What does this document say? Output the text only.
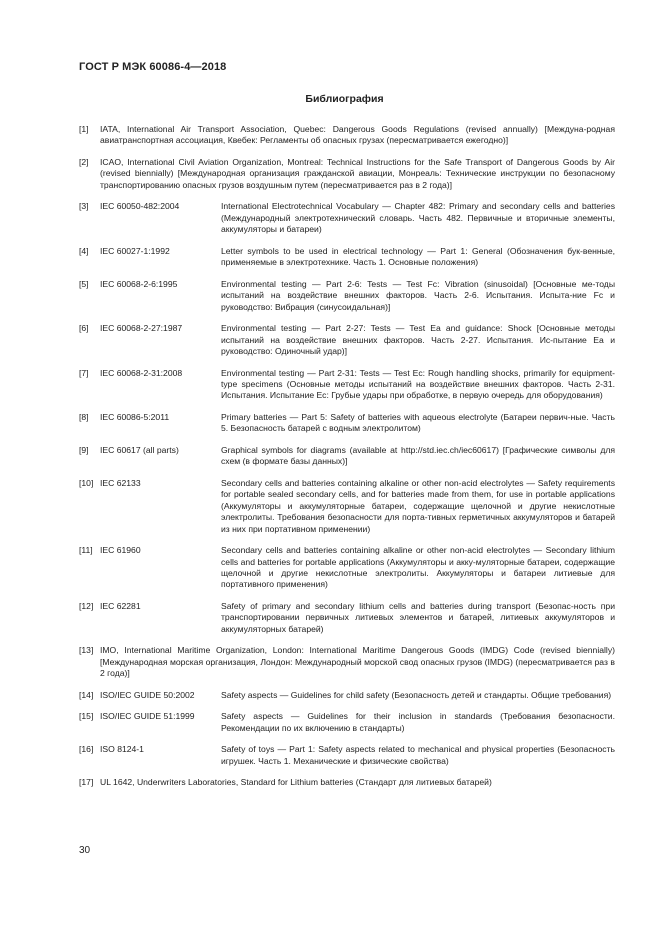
ГОСТ Р МЭК 60086-4—2018
Библиография
[1] IATA, International Air Transport Association, Quebec: Dangerous Goods Regulations (revised annually) [Междуна-родная авиатранспортная ассоциация, Квебек: Регламенты об опасных грузах (пересматривается ежегодно)]
[2] ICAO, International Civil Aviation Organization, Montreal: Technical Instructions for the Safe Transport of Dangerous Goods by Air (revised biennially) [Международная организация гражданской авиации, Монреаль: Технические инструкции по безопасному транспортированию опасных грузов воздушным путем (пересматривается раз в 2 года)]
[3] IEC 60050-482:2004	International Electrotechnical Vocabulary — Chapter 482: Primary and secondary cells and batteries (Международный электротехнический словарь. Часть 482. Первичные и вторичные элементы, аккумуляторы и батареи)
[4] IEC 60027-1:1992	Letter symbols to be used in electrical technology — Part 1: General (Обозначения бук-венные, применяемые в электротехнике. Часть 1. Основные положения)
[5] IEC 60068-2-6:1995	Environmental testing — Part 2-6: Tests — Test Fc: Vibration (sinusoidal) [Основные ме-тоды испытаний на воздействие внешних факторов. Часть 2-6. Испытания. Испыта-ние Fc и руководство: Вибрация (синусоидальная)]
[6] IEC 60068-2-27:1987	Environmental testing — Part 2-27: Tests — Test Ea and guidance: Shock [Основные методы испытаний на воздействие внешних факторов. Часть 2-27. Испытания. Ис-пытание Еа и руководство: Одиночный удар)]
[7] IEC 60068-2-31:2008	Environmental testing — Part 2-31: Tests — Test Ec: Rough handling shocks, primarily for equipment-type specimens (Основные методы испытаний на воздействие внешних факторов. Часть 2-31. Испытания. Испытание Ес: Грубые удары при обработке, в первую очередь для оборудования)
[8] IEC 60086-5:2011	Primary batteries — Part 5: Safety of batteries with aqueous electrolyte (Батареи первич-ные. Часть 5. Безопасность батарей с водным электролитом)
[9] IEC 60617 (all parts)	Graphical symbols for diagrams (available at http://std.iec.ch/iec60617) [Графические символы для схем (в формате базы данных)]
[10] IEC 62133	Secondary cells and batteries containing alkaline or other non-acid electrolytes — Safety requirements for portable sealed secondary cells, and for batteries made from them, for use in portable applications (Аккумуляторы и аккумуляторные батареи, содержащие щелочной и другие некислотные электролиты. Требования безопасности для порта-тивных герметичных аккумуляторов и батарей из них при портативном применении)
[11] IEC 61960	Secondary cells and batteries containing alkaline or other non-acid electrolytes — Secondary lithium cells and batteries for portable applications (Аккумуляторы и акку-муляторные батареи, содержащие щелочной и другие некислотные электролиты. Аккумуляторы и батареи литиевые для портативного применения)
[12] IEC 62281	Safety of primary and secondary lithium cells and batteries during transport (Безопас-ность при транспортировании первичных литиевых элементов и батарей, литиевых аккумуляторов и аккумуляторных батарей)
[13] IMO, International Maritime Organization, London: International Maritime Dangerous Goods (IMDG) Code (revised biennially) [Международная морская организация, Лондон: Международный морской свод опасных грузов (IMDG) (пересматривается раз в 2 года)]
[14] ISO/IEC GUIDE 50:2002	Safety aspects — Guidelines for child safety (Безопасность детей и стандарты. Общие требования)
[15] ISO/IEC GUIDE 51:1999	Safety aspects — Guidelines for their inclusion in standards (Требования безопасности. Рекомендации по их включению в стандарты)
[16] ISO 8124-1	Safety of toys — Part 1: Safety aspects related to mechanical and physical properties (Безопасность игрушек. Часть 1. Механические и физические свойства)
[17] UL 1642, Underwriters Laboratories, Standard for Lithium batteries (Стандарт для литиевых батарей)
30
